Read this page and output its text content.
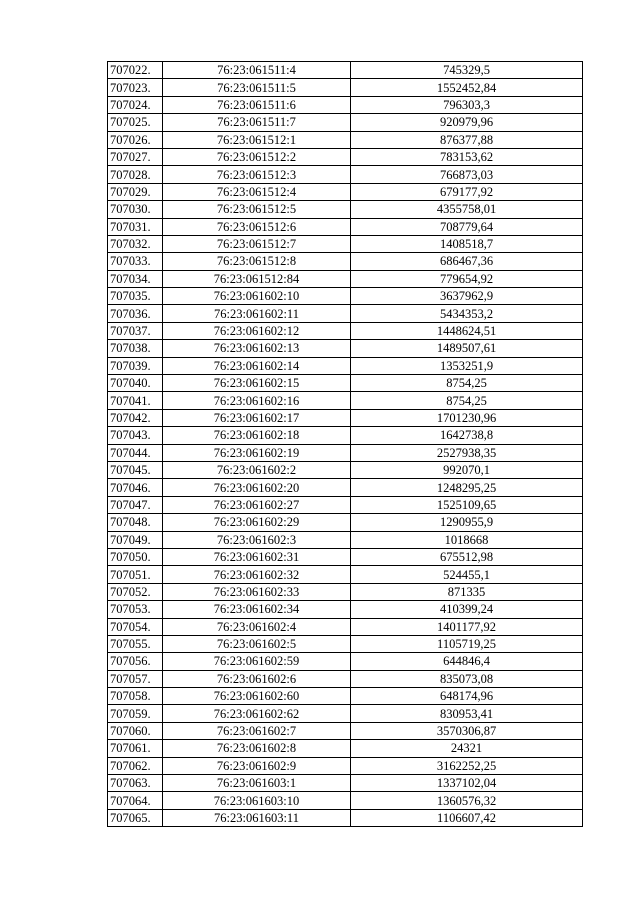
707022.	76:23:061511:4	745329,5
707023.	76:23:061511:5	1552452,84
707024.	76:23:061511:6	796303,3
707025.	76:23:061511:7	920979,96
707026.	76:23:061512:1	876377,88
707027.	76:23:061512:2	783153,62
707028.	76:23:061512:3	766873,03
707029.	76:23:061512:4	679177,92
707030.	76:23:061512:5	4355758,01
707031.	76:23:061512:6	708779,64
707032.	76:23:061512:7	1408518,7
707033.	76:23:061512:8	686467,36
707034.	76:23:061512:84	779654,92
707035.	76:23:061602:10	3637962,9
707036.	76:23:061602:11	5434353,2
707037.	76:23:061602:12	1448624,51
707038.	76:23:061602:13	1489507,61
707039.	76:23:061602:14	1353251,9
707040.	76:23:061602:15	8754,25
707041.	76:23:061602:16	8754,25
707042.	76:23:061602:17	1701230,96
707043.	76:23:061602:18	1642738,8
707044.	76:23:061602:19	2527938,35
707045.	76:23:061602:2	992070,1
707046.	76:23:061602:20	1248295,25
707047.	76:23:061602:27	1525109,65
707048.	76:23:061602:29	1290955,9
707049.	76:23:061602:3	1018668
707050.	76:23:061602:31	675512,98
707051.	76:23:061602:32	524455,1
707052.	76:23:061602:33	871335
707053.	76:23:061602:34	410399,24
707054.	76:23:061602:4	1401177,92
707055.	76:23:061602:5	1105719,25
707056.	76:23:061602:59	644846,4
707057.	76:23:061602:6	835073,08
707058.	76:23:061602:60	648174,96
707059.	76:23:061602:62	830953,41
707060.	76:23:061602:7	3570306,87
707061.	76:23:061602:8	24321
707062.	76:23:061602:9	3162252,25
707063.	76:23:061603:1	1337102,04
707064.	76:23:061603:10	1360576,32
707065.	76:23:061603:11	1106607,42
